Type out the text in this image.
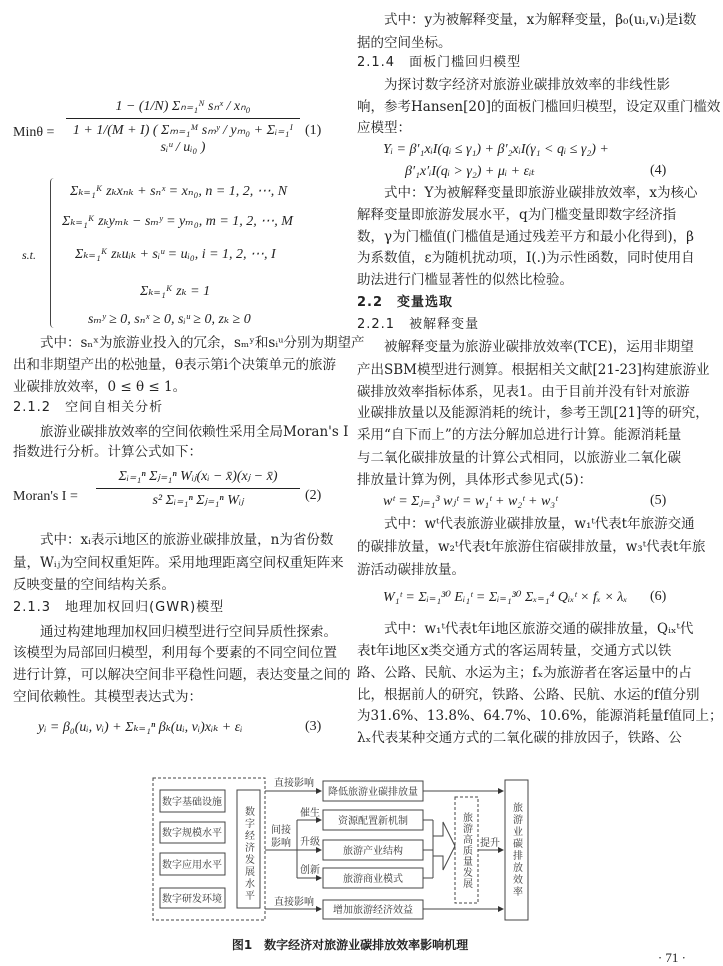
Minθ =
1 − (1/N) Σₙ₌₁ᴺ sₙˣ / xₙ₀
1 + 1/(M + I) ( Σₘ₌₁ᴹ sₘʸ / yₘ₀ + Σᵢ₌₁ᴵ sᵢᵘ / uᵢ₀ )
(1)
s.t.
Σₖ₌₁ᴷ zₖxₙₖ + sₙˣ = xₙ₀, n = 1, 2, ⋯, N
Σₖ₌₁ᴷ zₖyₘₖ − sₘʸ = yₘ₀, m = 1, 2, ⋯, M
Σₖ₌₁ᴷ zₖuᵢₖ + sᵢᵘ = uᵢ₀, i = 1, 2, ⋯, I
Σₖ₌₁ᴷ zₖ = 1
sₘʸ ≥ 0, sₙˣ ≥ 0, sᵢᵘ ≥ 0, zₖ ≥ 0
式中：sₙˣ为旅游业投入的冗余，sₘʸ和sᵢᵘ分别为期望产
出和非期望产出的松弛量，θ表示第i个决策单元的旅游
业碳排放效率，0 ≤ θ ≤ 1。
2.1.2　空间自相关分析
旅游业碳排放效率的空间依赖性采用全局Moran's I
指数进行分析。计算公式如下：
Moran's I =
Σᵢ₌₁ⁿ Σⱼ₌₁ⁿ Wᵢⱼ(xᵢ − x̄)(xⱼ − x̄)
s² Σᵢ₌₁ⁿ Σⱼ₌₁ⁿ Wᵢⱼ	(2)
式中：xᵢ表示i地区的旅游业碳排放量，n为省份数
量，Wᵢⱼ为空间权重矩阵。采用地理距离空间权重矩阵来
反映变量的空间结构关系。
2.1.3　地理加权回归(GWR)模型
通过构建地理加权回归模型进行空间异质性探索。
该模型为局部回归模型，利用每个要素的不同空间位置
进行计算，可以解决空间非平稳性问题，表达变量之间的
空间依赖性。其模型表达式为：
yᵢ = β₀(uᵢ, vᵢ) + Σₖ₌₁ⁿ βₖ(uᵢ, vᵢ)xᵢₖ + εᵢ	(3)
式中：y为被解释变量，x为解释变量，β₀(uᵢ,vᵢ)是i数
据的空间坐标。
2.1.4　面板门槛回归模型
为探讨数字经济对旅游业碳排放效率的非线性影
响，参考Hansen[20]的面板门槛回归模型，设定双重门槛效
应模型：
Yᵢ = β′₁xᵢI(qᵢ ≤ γ₁) + β′₂xᵢI(γ₁ < qᵢ ≤ γ₂) +
β′₁x′ᵢI(qᵢ > γ₂) + μᵢ + εᵢₜ	(4)
式中：Y为被解释变量即旅游业碳排放效率，x为核心
解释变量即旅游发展水平，q为门槛变量即数字经济指
数，γ为门槛值(门槛值是通过残差平方和最小化得到)，β
为系数值，ε为随机扰动项，I(.)为示性函数，同时使用自
助法进行门槛显著性的似然比检验。
2.2　变量选取
2.2.1　被解释变量
被解释变量为旅游业碳排放效率(TCE)，运用非期望
产出SBM模型进行测算。根据相关文献[21-23]构建旅游业
碳排放效率指标体系，见表1。由于目前并没有针对旅游
业碳排放量以及能源消耗的统计，参考王凯[21]等的研究，
采用“自下而上”的方法分解加总进行计算。能源消耗量
与二氧化碳排放量的计算公式相同，以旅游业二氧化碳
排放量计算为例，具体形式参见式(5)：
wᵗ = Σⱼ₌₁³ wⱼᵗ = w₁ᵗ + w₂ᵗ + w₃ᵗ	(5)
式中：wᵗ代表旅游业碳排放量，w₁ᵗ代表t年旅游交通
的碳排放量，w₂ᵗ代表t年旅游住宿碳排放量，w₃ᵗ代表t年旅
游活动碳排放量。
W₁ᵗ = Σᵢ₌₁³⁰ Eᵢ₁ᵗ = Σᵢ₌₁³⁰ Σₓ₌₁⁴ Qᵢₓᵗ × fₓ × λₓ	(6)
式中：w₁ᵗ代表t年i地区旅游交通的碳排放量，Qᵢₓᵗ代
表t年i地区x类交通方式的客运周转量，交通方式以铁
路、公路、民航、水运为主；fₓ为旅游者在客运量中的占
比，根据前人的研究，铁路、公路、民航、水运的f值分别
为31.6%、13.8%、64.7%、10.6%，能源消耗量f值同上；
λₓ代表某种交通方式的二氧化碳的排放因子，铁路、公
数字基础设施
数字规模水平
数字应用水平
数字研发环境 数字经济发展水平
直接影响
间接
影响
催生
升级
创新
直接影响
降低旅游业碳排放量
资源配置新机制
旅游产业结构
旅游商业模式
增加旅游经济效益
旅游高质量发展 提升 旅游业碳排放效率
图1　数字经济对旅游业碳排放效率影响机理
· 71 ·
